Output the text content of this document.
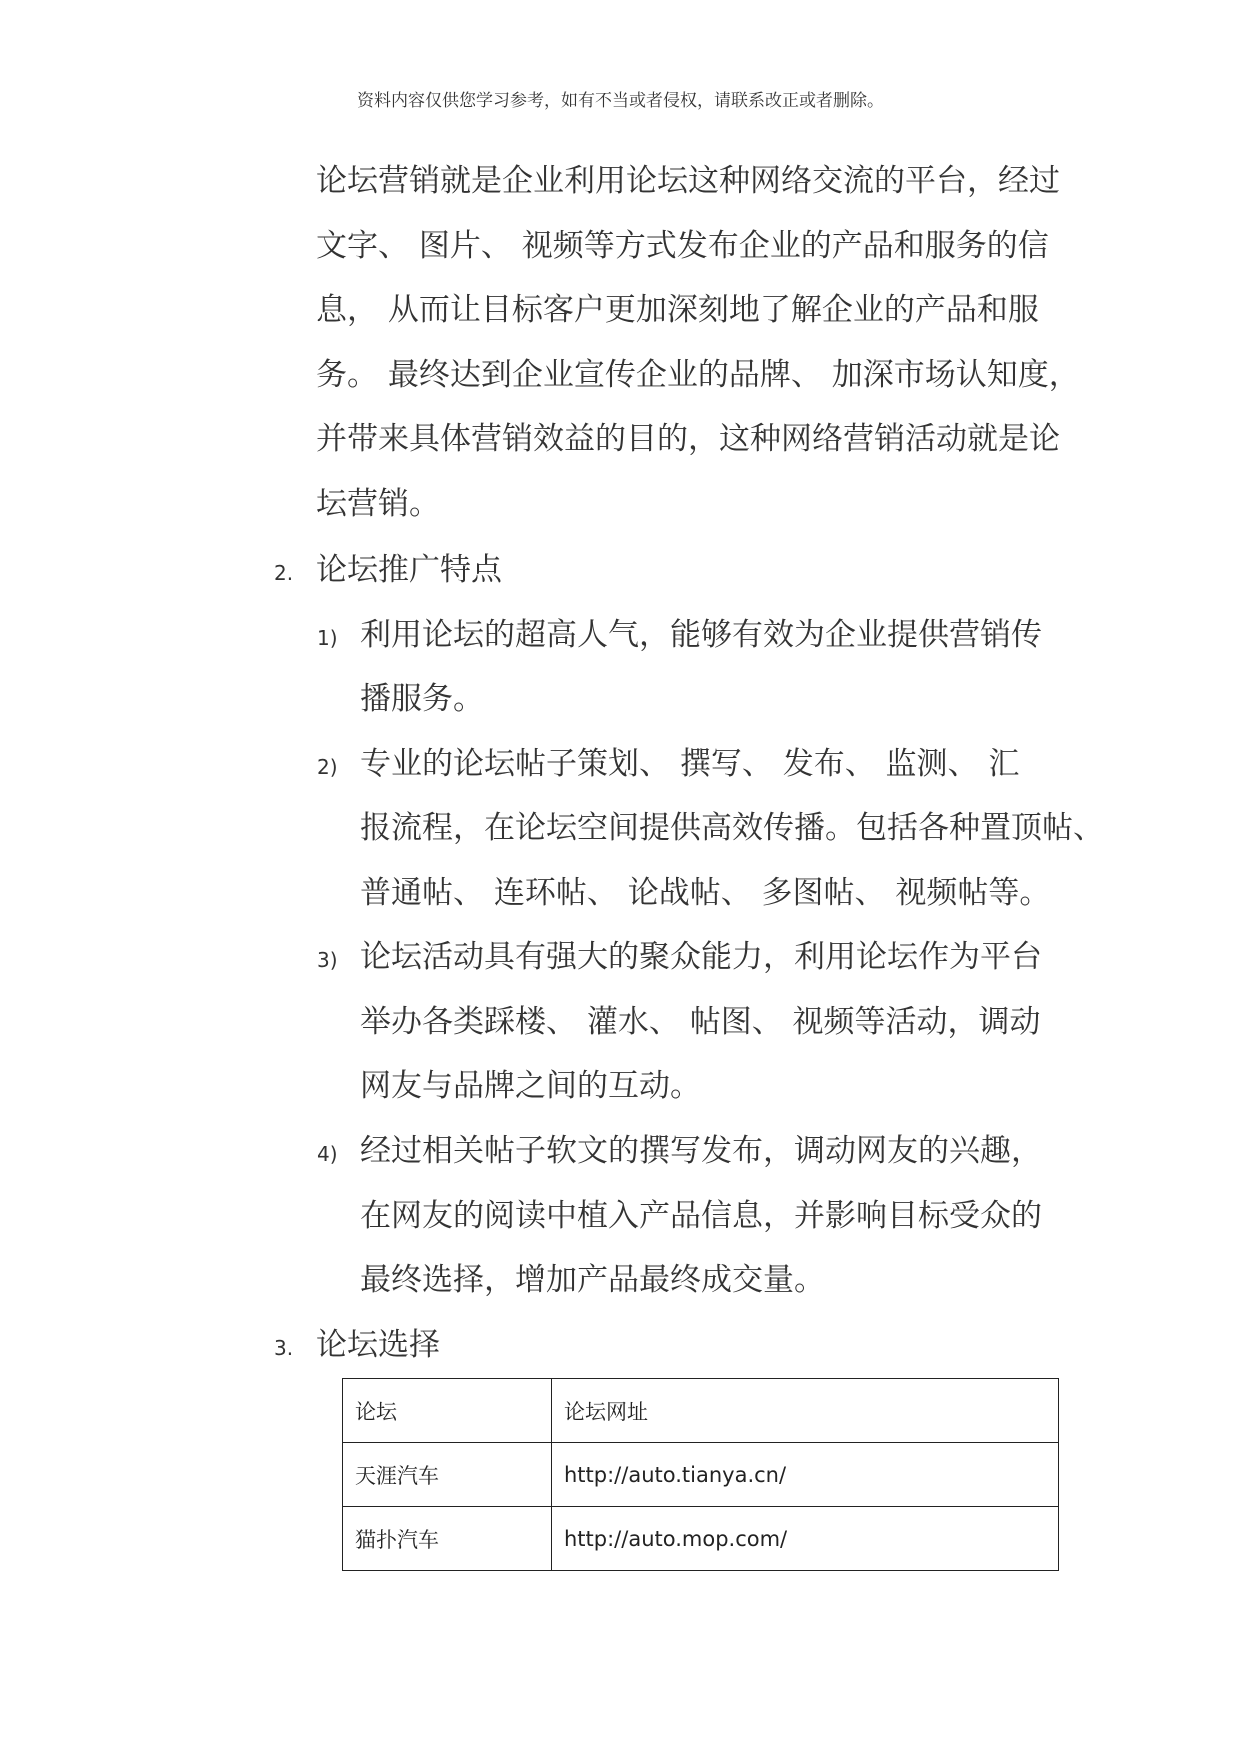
资料内容仅供您学习参考，如有不当或者侵权，请联系改正或者删除。
论坛营销就是企业利用论坛这种网络交流的平台，经过
文字、 图片、 视频等方式发布企业的产品和服务的信
息， 从而让目标客户更加深刻地了解企业的产品和服
务。 最终达到企业宣传企业的品牌、 加深市场认知度，
并带来具体营销效益的目的，这种网络营销活动就是论
坛营销。
2. 论坛推广特点
1) 利用论坛的超高人气，能够有效为企业提供营销传
播服务。
2) 专业的论坛帖子策划、 撰写、 发布、 监测、 汇
报流程，在论坛空间提供高效传播。包括各种置顶帖、
普通帖、 连环帖、 论战帖、 多图帖、 视频帖等。
3) 论坛活动具有强大的聚众能力，利用论坛作为平台
举办各类踩楼、 灌水、 帖图、 视频等活动，调动
网友与品牌之间的互动。
4) 经过相关帖子软文的撰写发布，调动网友的兴趣，
在网友的阅读中植入产品信息，并影响目标受众的
最终选择，增加产品最终成交量。
3. 论坛选择
论坛	论坛网址
天涯汽车	http://auto.tianya.cn/
猫扑汽车	http://auto.mop.com/
